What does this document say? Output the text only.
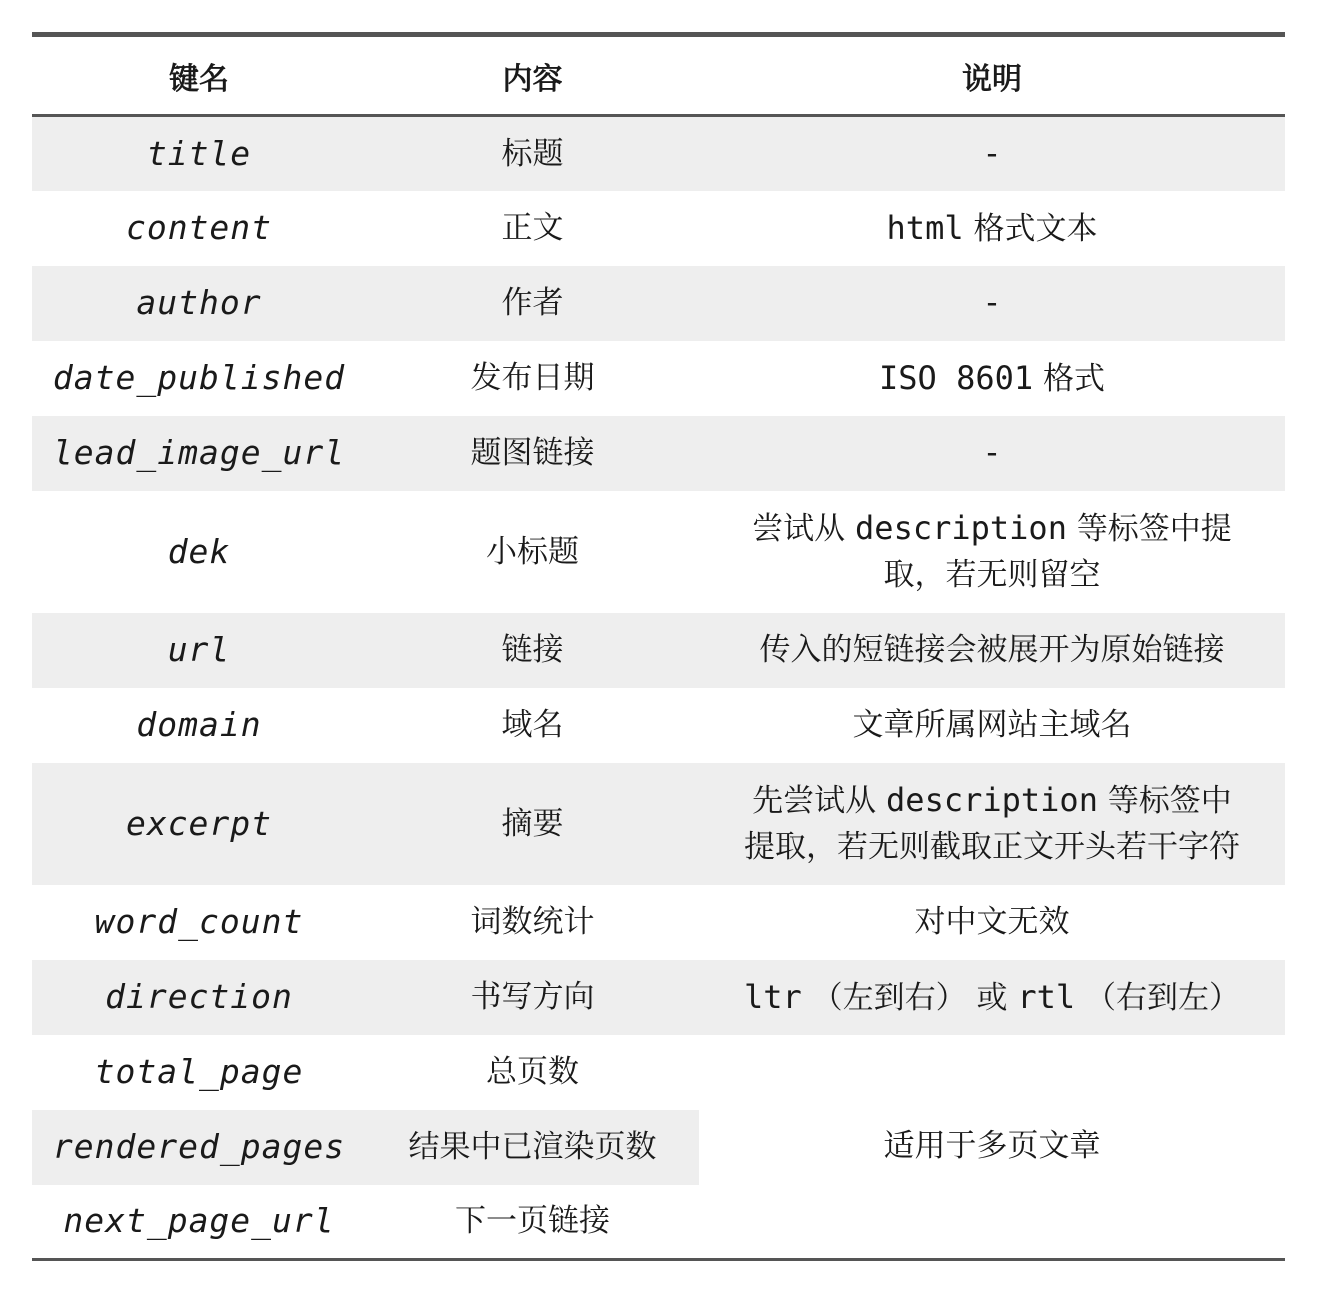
键名	内容	说明
title	标题	-
content	正文	html 格式文本
author	作者	-
date_published	发布日期	ISO 8601 格式
lead_image_url	题图链接	-
dek	小标题	尝试从 description 等标签中提
取，若无则留空
url	链接	传入的短链接会被展开为原始链接
domain	域名	文章所属网站主域名
excerpt	摘要	先尝试从 description 等标签中
提取，若无则截取正文开头若干字符
word_count	词数统计	对中文无效
direction	书写方向	ltr （左到右） 或 rtl （右到左）
total_page	总页数	适用于多页文章
rendered_pages	结果中已渲染页数	
next_page_url	下一页链接	
